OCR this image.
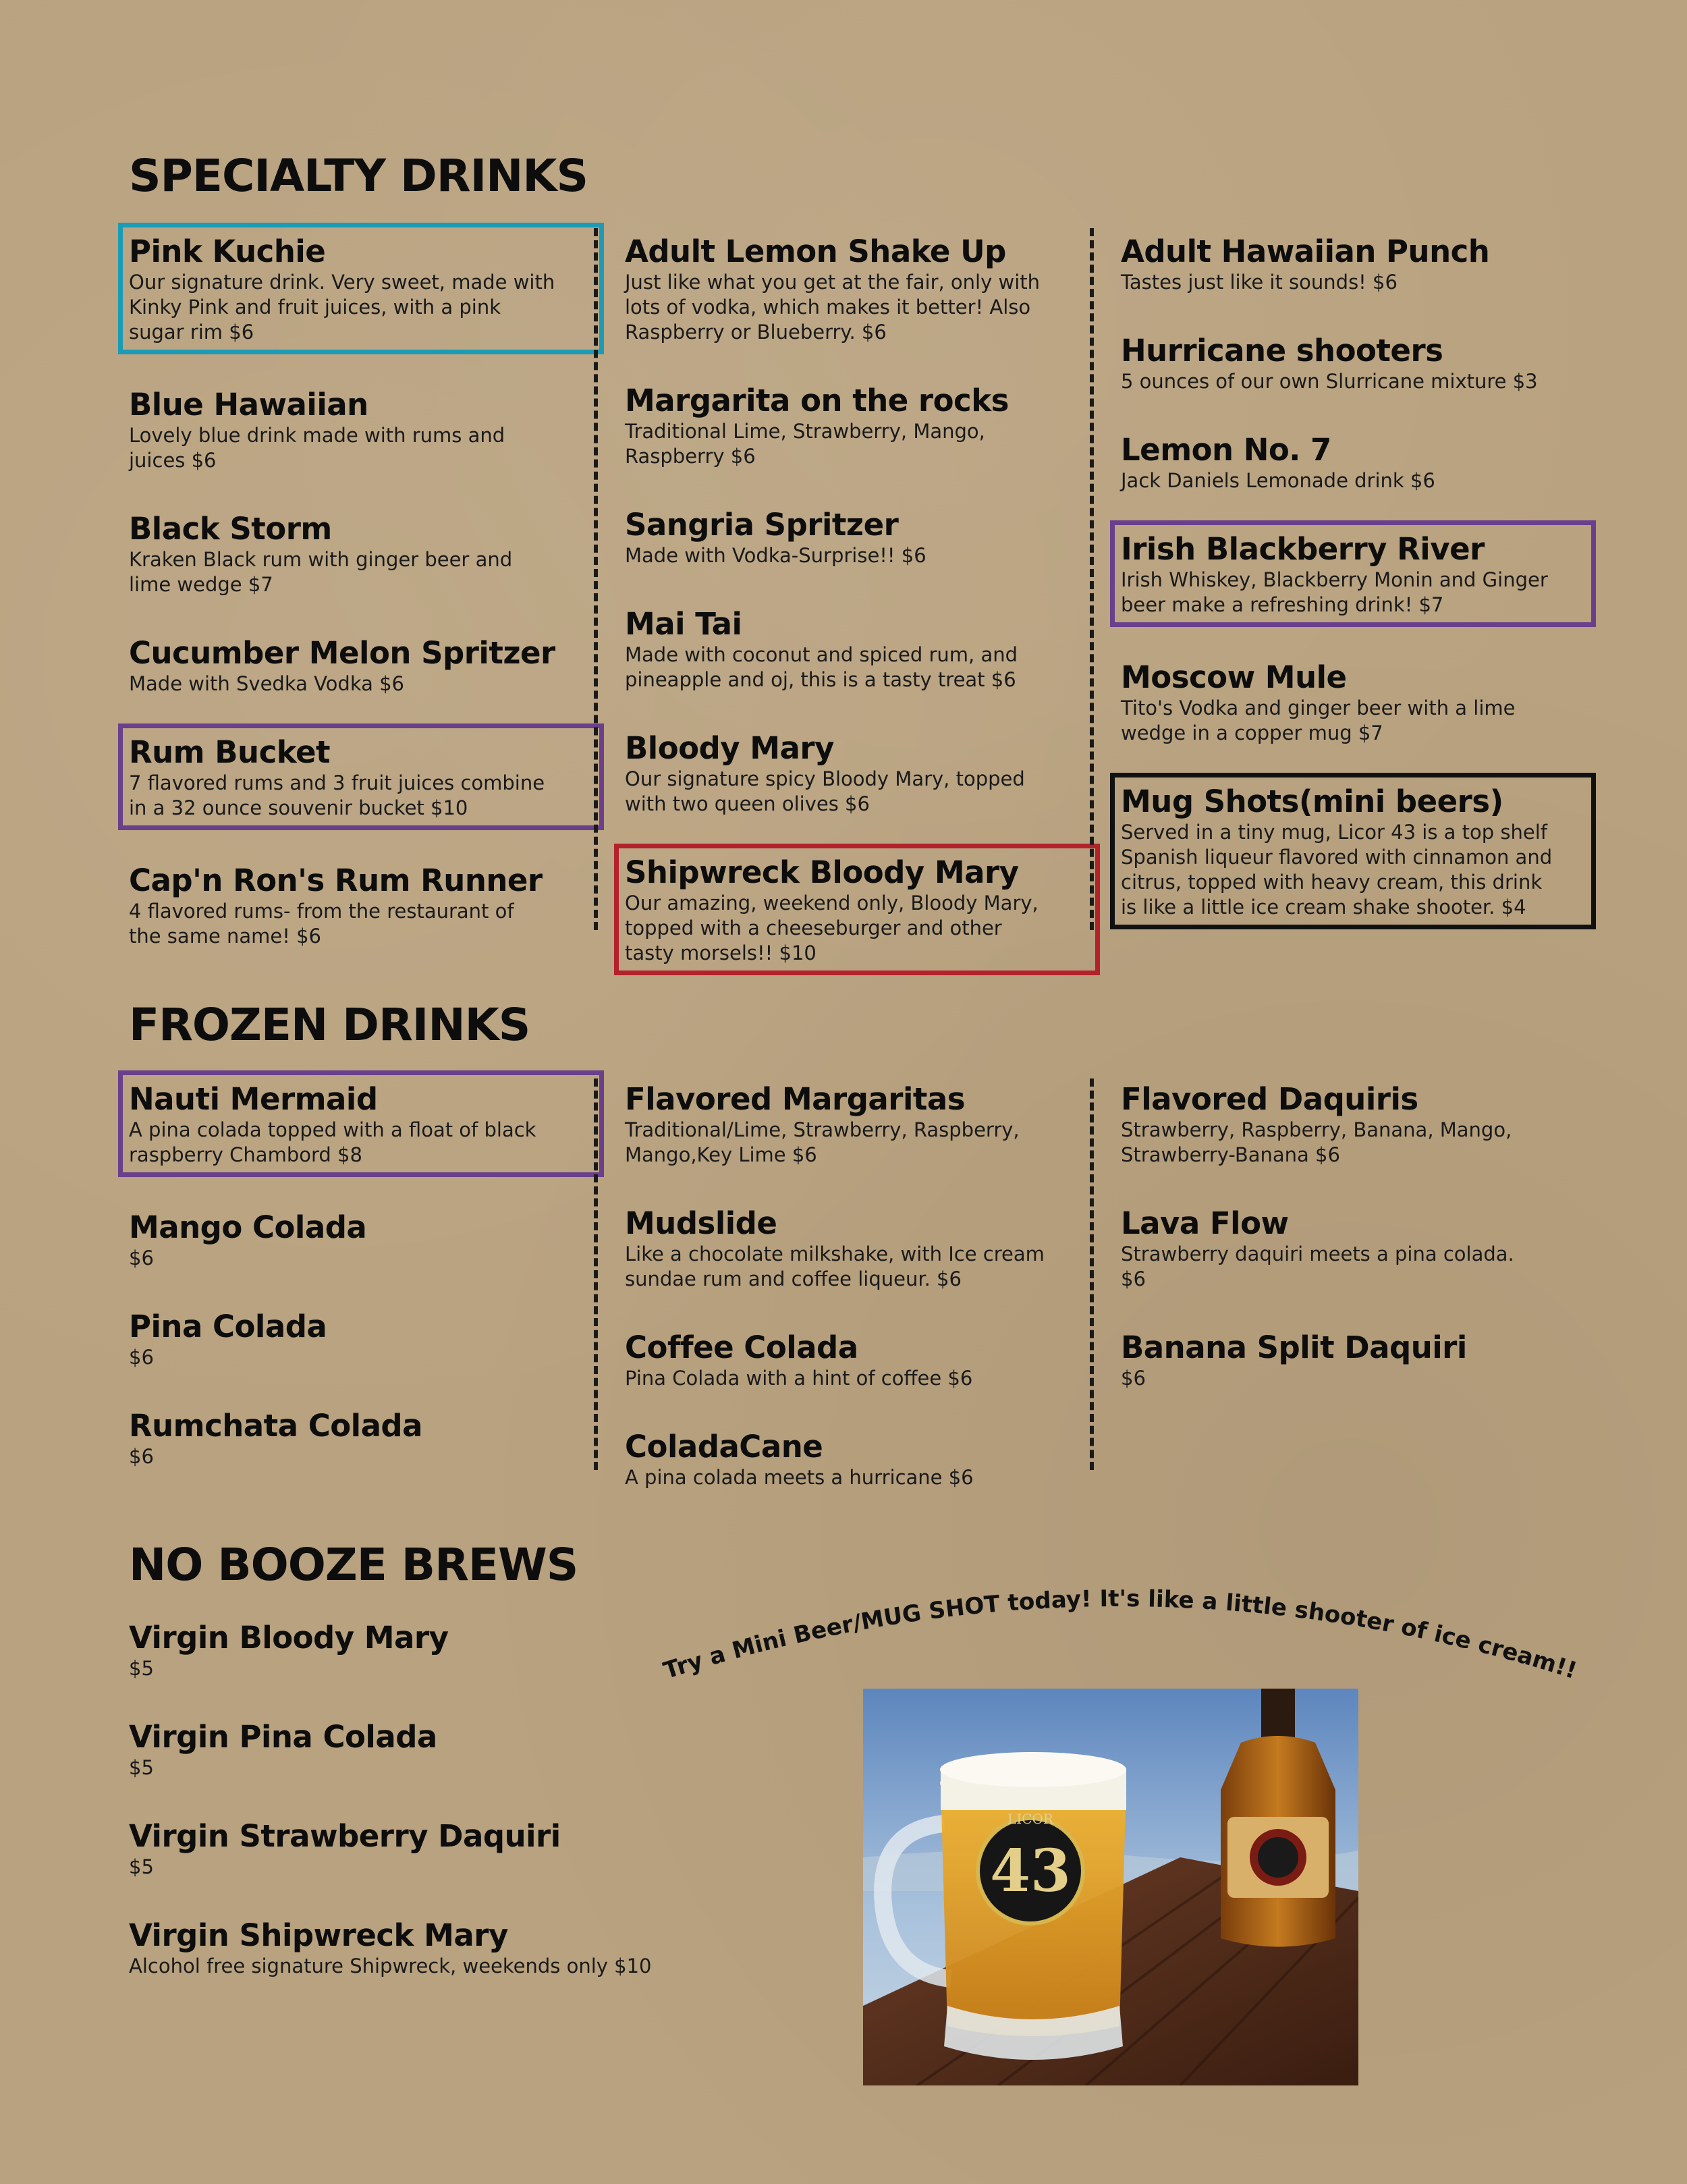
SPECIALTY DRINKS
Pink Kuchie
Our signature drink. Very sweet, made with Kinky Pink and fruit juices, with a pink sugar rim $6
Blue Hawaiian
Lovely blue drink made with rums and juices $6
Black Storm
Kraken Black rum with ginger beer and lime wedge $7
Cucumber Melon Spritzer
Made with Svedka Vodka $6
Rum Bucket
7 flavored rums and 3 fruit juices combine in a 32 ounce souvenir bucket $10
Cap'n Ron's Rum Runner
4 flavored rums- from the restaurant of the same name! $6
Adult Lemon Shake Up
Just like what you get at the fair, only with lots of vodka, which makes it better! Also Raspberry or Blueberry. $6
Margarita on the rocks
Traditional Lime, Strawberry, Mango, Raspberry $6
Sangria Spritzer
Made with Vodka-Surprise!! $6
Mai Tai
Made with coconut and spiced rum, and pineapple and oj, this is a tasty treat $6
Bloody Mary
Our signature spicy Bloody Mary, topped with two queen olives $6
Shipwreck Bloody Mary
Our amazing, weekend only, Bloody Mary, topped with a cheeseburger and other tasty morsels!! $10
Adult Hawaiian Punch
Tastes just like it sounds! $6
Hurricane shooters
5 ounces of our own Slurricane mixture $3
Lemon No. 7
Jack Daniels Lemonade drink $6
Irish Blackberry River
Irish Whiskey, Blackberry Monin and Ginger beer make a refreshing drink! $7
Moscow Mule
Tito's Vodka and ginger beer with a lime wedge in a copper mug $7
Mug Shots(mini beers)
Served in a tiny mug, Licor 43 is a top shelf Spanish liqueur flavored with cinnamon and citrus, topped with heavy cream, this drink is like a little ice cream shake shooter. $4
FROZEN DRINKS
Nauti Mermaid
A pina colada topped with a float of black raspberry Chambord $8
Mango Colada
$6
Pina Colada
$6
Rumchata Colada
$6
Flavored Margaritas
Traditional/Lime, Strawberry, Raspberry, Mango,Key Lime $6
Mudslide
Like a chocolate milkshake, with Ice cream sundae rum and coffee liqueur. $6
Coffee Colada
Pina Colada with a hint of coffee $6
ColadaCane
A pina colada meets a hurricane $6
Flavored Daquiris
Strawberry, Raspberry, Banana, Mango, Strawberry-Banana $6
Lava Flow
Strawberry daquiri meets a pina colada. $6
Banana Split Daquiri
$6
NO BOOZE BREWS
Virgin Bloody Mary
$5
Virgin Pina Colada
$5
Virgin Strawberry Daquiri
$5
Virgin Shipwreck Mary
Alcohol free signature Shipwreck, weekends only $10
Try a Mini Beer/MUG SHOT today! It's like a little shooter of ice cream!!
LICOR
43
